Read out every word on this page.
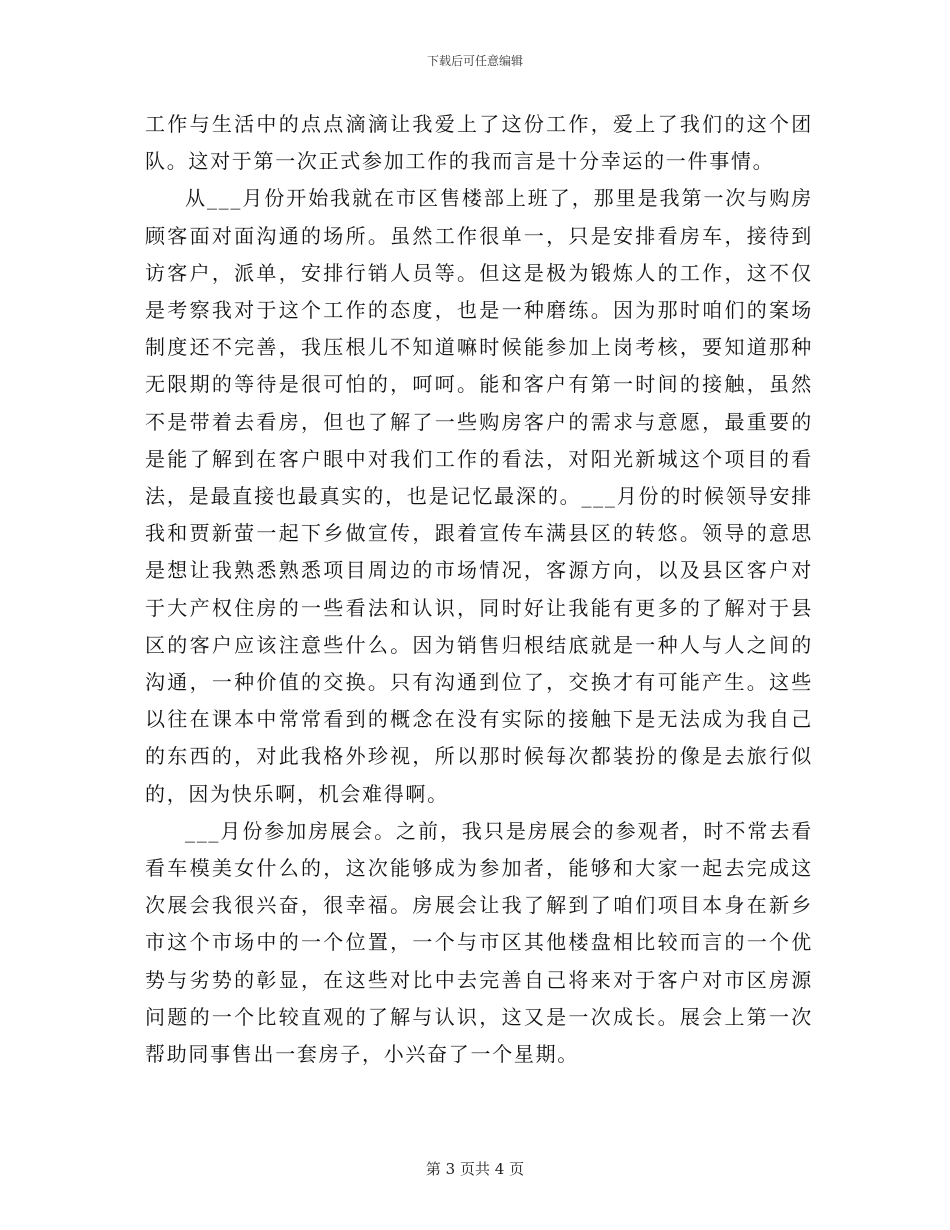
下载后可任意编辑

工作与生活中的点点滴滴让我爱上了这份工作，爱上了我们的这个团队。这对于第一次正式参加工作的我而言是十分幸运的一件事情。

从___月份开始我就在市区售楼部上班了，那里是我第一次与购房顾客面对面沟通的场所。虽然工作很单一，只是安排看房车，接待到访客户，派单，安排行销人员等。但这是极为锻炼人的工作，这不仅是考察我对于这个工作的态度，也是一种磨练。因为那时咱们的案场制度还不完善，我压根儿不知道嘛时候能参加上岗考核，要知道那种无限期的等待是很可怕的，呵呵。能和客户有第一时间的接触，虽然不是带着去看房，但也了解了一些购房客户的需求与意愿，最重要的是能了解到在客户眼中对我们工作的看法，对阳光新城这个项目的看法，是最直接也最真实的，也是记忆最深的。___月份的时候领导安排我和贾新萤一起下乡做宣传，跟着宣传车满县区的转悠。领导的意思是想让我熟悉熟悉项目周边的市场情况，客源方向，以及县区客户对于大产权住房的一些看法和认识，同时好让我能有更多的了解对于县区的客户应该注意些什么。因为销售归根结底就是一种人与人之间的沟通，一种价值的交换。只有沟通到位了，交换才有可能产生。这些以往在课本中常常看到的概念在没有实际的接触下是无法成为我自己的东西的，对此我格外珍视，所以那时候每次都装扮的像是去旅行似的，因为快乐啊，机会难得啊。

___月份参加房展会。之前，我只是房展会的参观者，时不常去看看车模美女什么的，这次能够成为参加者，能够和大家一起去完成这次展会我很兴奋，很幸福。房展会让我了解到了咱们项目本身在新乡市这个市场中的一个位置，一个与市区其他楼盘相比较而言的一个优势与劣势的彰显，在这些对比中去完善自己将来对于客户对市区房源问题的一个比较直观的了解与认识，这又是一次成长。展会上第一次帮助同事售出一套房子，小兴奋了一个星期。

第 3 页共 4 页
